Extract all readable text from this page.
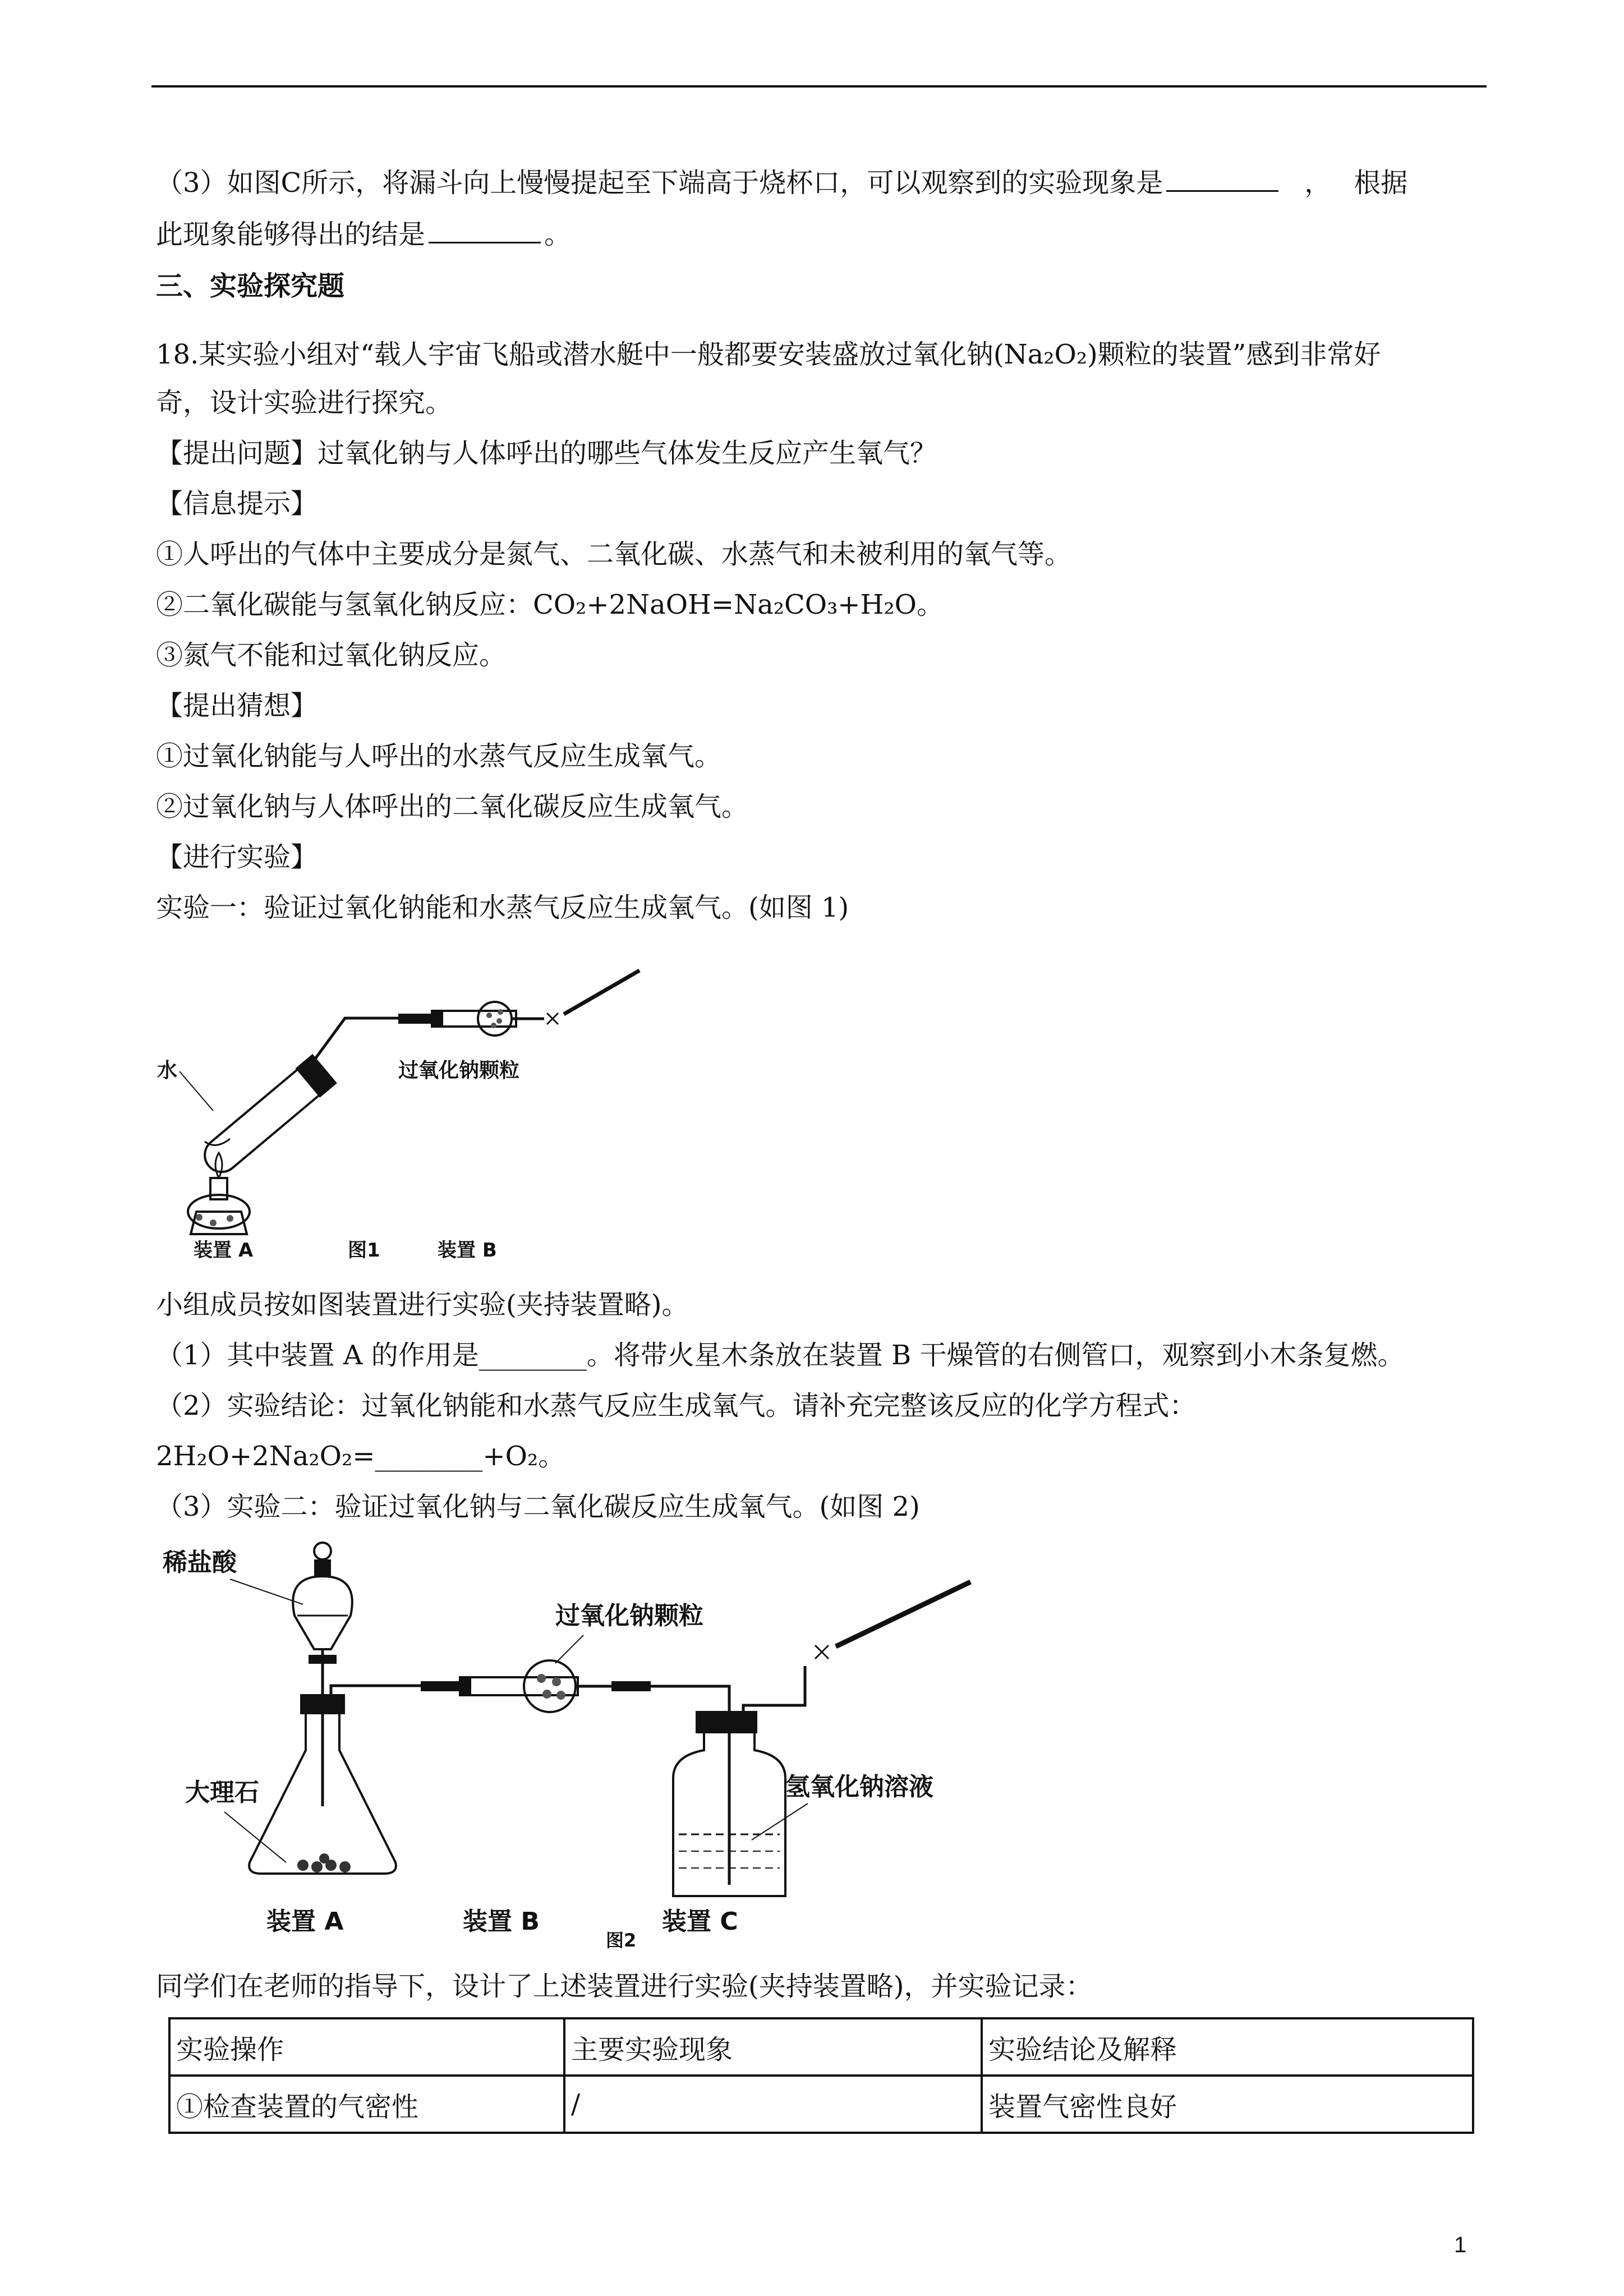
（3）如图C所示，将漏斗向上慢慢提起至下端高于烧杯口，可以观察到的实验现象是	， 根据
此现象能够得出的结是	。
三、实验探究题
18.某实验小组对“载人宇宙飞船或潜水艇中一般都要安装盛放过氧化钠(Na₂O₂)颗粒的装置”感到非常好
奇，设计实验进行探究。
【提出问题】过氧化钠与人体呼出的哪些气体发生反应产生氧气？
【信息提示】
①人呼出的气体中主要成分是氮气、二氧化碳、水蒸气和未被利用的氧气等。
②二氧化碳能与氢氧化钠反应：CO₂+2NaOH=Na₂CO₃+H₂O。
③氮气不能和过氧化钠反应。
【提出猜想】
①过氧化钠能与人呼出的水蒸气反应生成氧气。
②过氧化钠与人体呼出的二氧化碳反应生成氧气。
【进行实验】
实验一：验证过氧化钠能和水蒸气反应生成氧气。(如图 1)
过氧化钠颗粒
水
装置 A	图1	装置 B
小组成员按如图装置进行实验(夹持装置略)。
（1）其中装置 A 的作用是________。将带火星木条放在装置 B 干燥管的右侧管口，观察到小木条复燃。
（2）实验结论：过氧化钠能和水蒸气反应生成氧气。请补充完整该反应的化学方程式：
2H₂O+2Na₂O₂=________+O₂。
（3）实验二：验证过氧化钠与二氧化碳反应生成氧气。(如图 2)
稀盐酸
过氧化钠颗粒
大理石	氢氧化钠溶液
装置 A	装置 B
图2
装置 C
同学们在老师的指导下，设计了上述装置进行实验(夹持装置略)，并实验记录：
实验操作	主要实验现象	实验结论及解释
①检查装置的气密性	/	装置气密性良好
1
